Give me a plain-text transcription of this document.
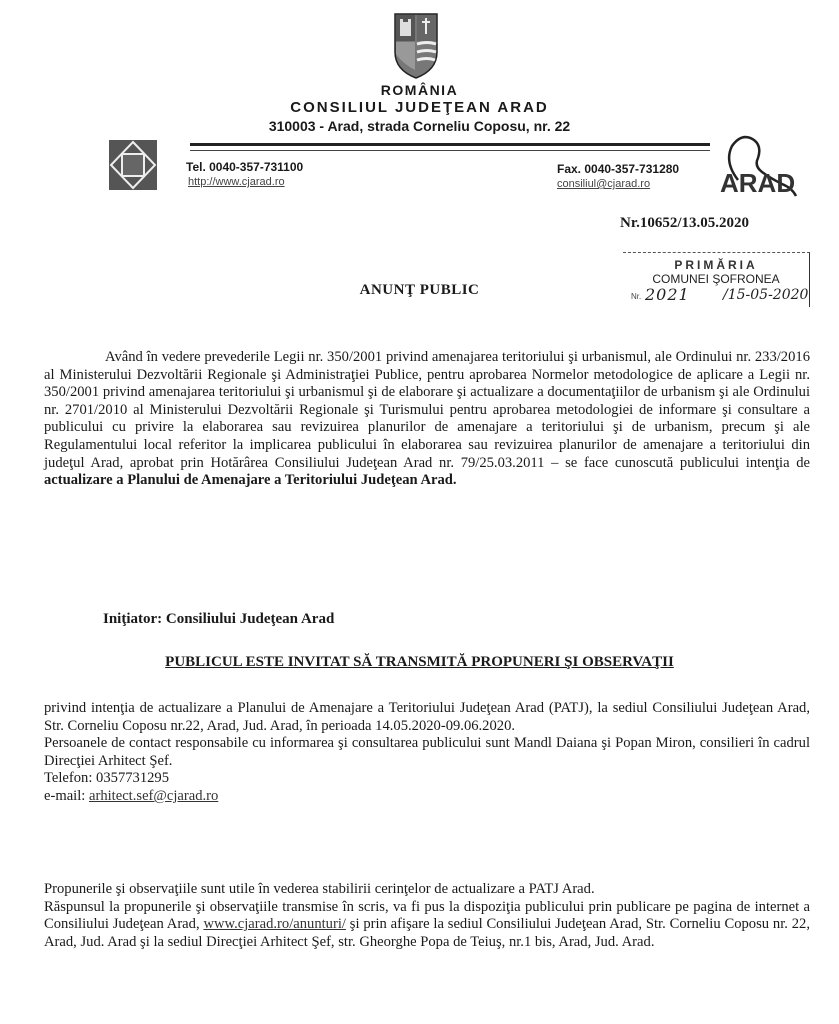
ROMÂNIA
CONSILIUL JUDEŢEAN ARAD
310003 - Arad, strada Corneliu Coposu, nr. 22
Tel. 0040-357-731100
http://www.cjarad.ro
Fax. 0040-357-731280
consiliul@cjarad.ro	ARAD
Nr.10652/13.05.2020
PRIMĂRIA
COMUNEI ŞOFRONEA
Nr. 2021 /15-05-2020
ANUNŢ PUBLIC
Având în vedere prevederile Legii nr. 350/2001 privind amenajarea teritoriului şi urbanismul, ale Ordinului nr. 233/2016 al Ministerului Dezvoltării Regionale şi Administraţiei Publice, pentru aprobarea Normelor metodologice de aplicare a Legii nr. 350/2001 privind amenajarea teritoriului şi urbanismul şi de elaborare şi actualizare a documentaţiilor de urbanism şi ale Ordinului nr. 2701/2010 al Ministerului Dezvoltării Regionale şi Turismului pentru aprobarea metodologiei de informare şi consultare a publicului cu privire la elaborarea sau revizuirea planurilor de amenajare a teritoriului şi de urbanism, precum şi ale Regulamentului local referitor la implicarea publicului în elaborarea sau revizuirea planurilor de amenajare a teritoriului din judeţul Arad, aprobat prin Hotărârea Consiliului Judeţean Arad nr. 79/25.03.2011 – se face cunoscută publicului intenţia de actualizare a Planului de Amenajare a Teritoriului Judeţean Arad.
Iniţiator: Consiliului Judeţean Arad
PUBLICUL ESTE INVITAT SĂ TRANSMITĂ PROPUNERI ŞI OBSERVAŢII
privind intenţia de actualizare a Planului de Amenajare a Teritoriului Judeţean Arad (PATJ), la sediul Consiliului Judeţean Arad, Str. Corneliu Coposu nr.22, Arad, Jud. Arad, în perioada 14.05.2020-09.06.2020.
Persoanele de contact responsabile cu informarea şi consultarea publicului sunt Mandl Daiana şi Popan Miron, consilieri în cadrul Direcţiei Arhitect Şef.
Telefon: 0357731295
e-mail: arhitect.sef@cjarad.ro
Propunerile şi observaţiile sunt utile în vederea stabilirii cerinţelor de actualizare a PATJ Arad.
Răspunsul la propunerile şi observaţiile transmise în scris, va fi pus la dispoziţia publicului prin publicare pe pagina de internet a Consiliului Judeţean Arad, www.cjarad.ro/anunturi/ şi prin afişare la sediul Consiliului Judeţean Arad, Str. Corneliu Coposu nr. 22, Arad, Jud. Arad şi la sediul Direcţiei Arhitect Şef, str. Gheorghe Popa de Teiuş, nr.1 bis, Arad, Jud. Arad.
